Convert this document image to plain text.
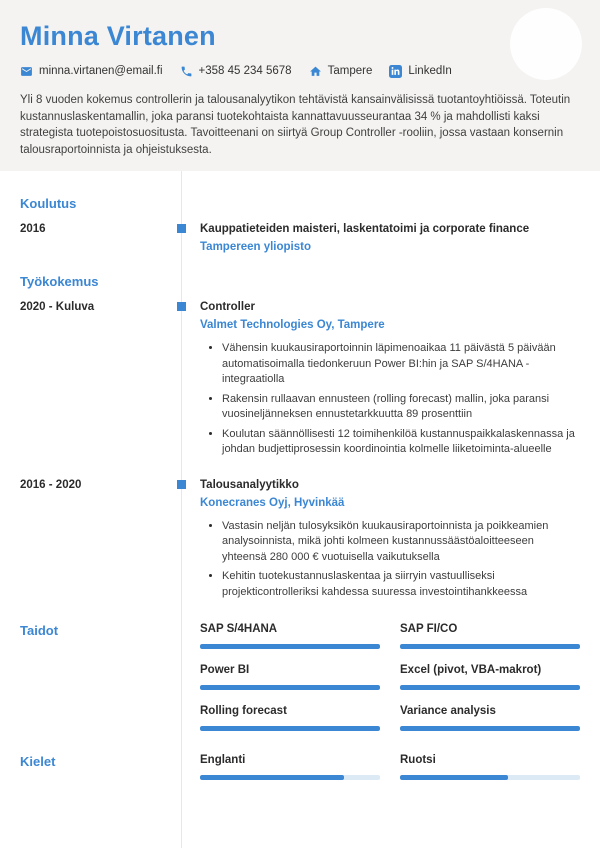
Minna Virtanen
minna.virtanen@email.fi	+358 45 234 5678	Tampere	LinkedIn

Yli 8 vuoden kokemus controllerin ja talousanalyytikon tehtävistä kansainvälisissä tuotantoyhtiöissä. Toteutin kustannuslaskentamallin, joka paransi tuotekohtaista kannattavuusseurantaa 34 % ja mahdollisti kaksi strategista tuotepoistosuositusta. Tavoitteenani on siirtyä Group Controller -rooliin, jossa vastaan konsernin talousraportoinnista ja ohjeistuksesta.

Koulutus
2016	Kauppatieteiden maisteri, laskentatoimi ja corporate finance
Tampereen yliopisto
Työkokemus
2020 - Kuluva	Controller
Valmet Technologies Oy, Tampere
• Vähensin kuukausiraportoinnin läpimenoaikaa 11 päivästä 5 päivään automatisoimalla tiedonkeruun Power BI:hin ja SAP S/4HANA -integraatiolla
• Rakensin rullaavan ennusteen (rolling forecast) mallin, joka paransi vuosineljänneksen ennustetarkkuutta 89 prosenttiin
• Koulutan säännöllisesti 12 toimihenkilöä kustannuspaikkalaskennassa ja johdan budjettiprosessin koordinointia kolmelle liiketoiminta-alueelle
2016 - 2020	Talousanalyytikko
Konecranes Oyj, Hyvinkää
• Vastasin neljän tulosyksikön kuukausiraportoinnista ja poikkeamien analysoinnista, mikä johti kolmeen kustannussäästöaloitteeseen yhteensä 280 000 € vuotuisella vaikutuksella
• Kehitin tuotekustannuslaskentaa ja siirryin vastuulliseksi projekticontrolleriksi kahdessa suuressa investointihankkeessa
Taidot	SAP S/4HANA	SAP FI/CO
Power BI	Excel (pivot, VBA-makrot)
Rolling forecast	Variance analysis
Kielet	Englanti	Ruotsi
